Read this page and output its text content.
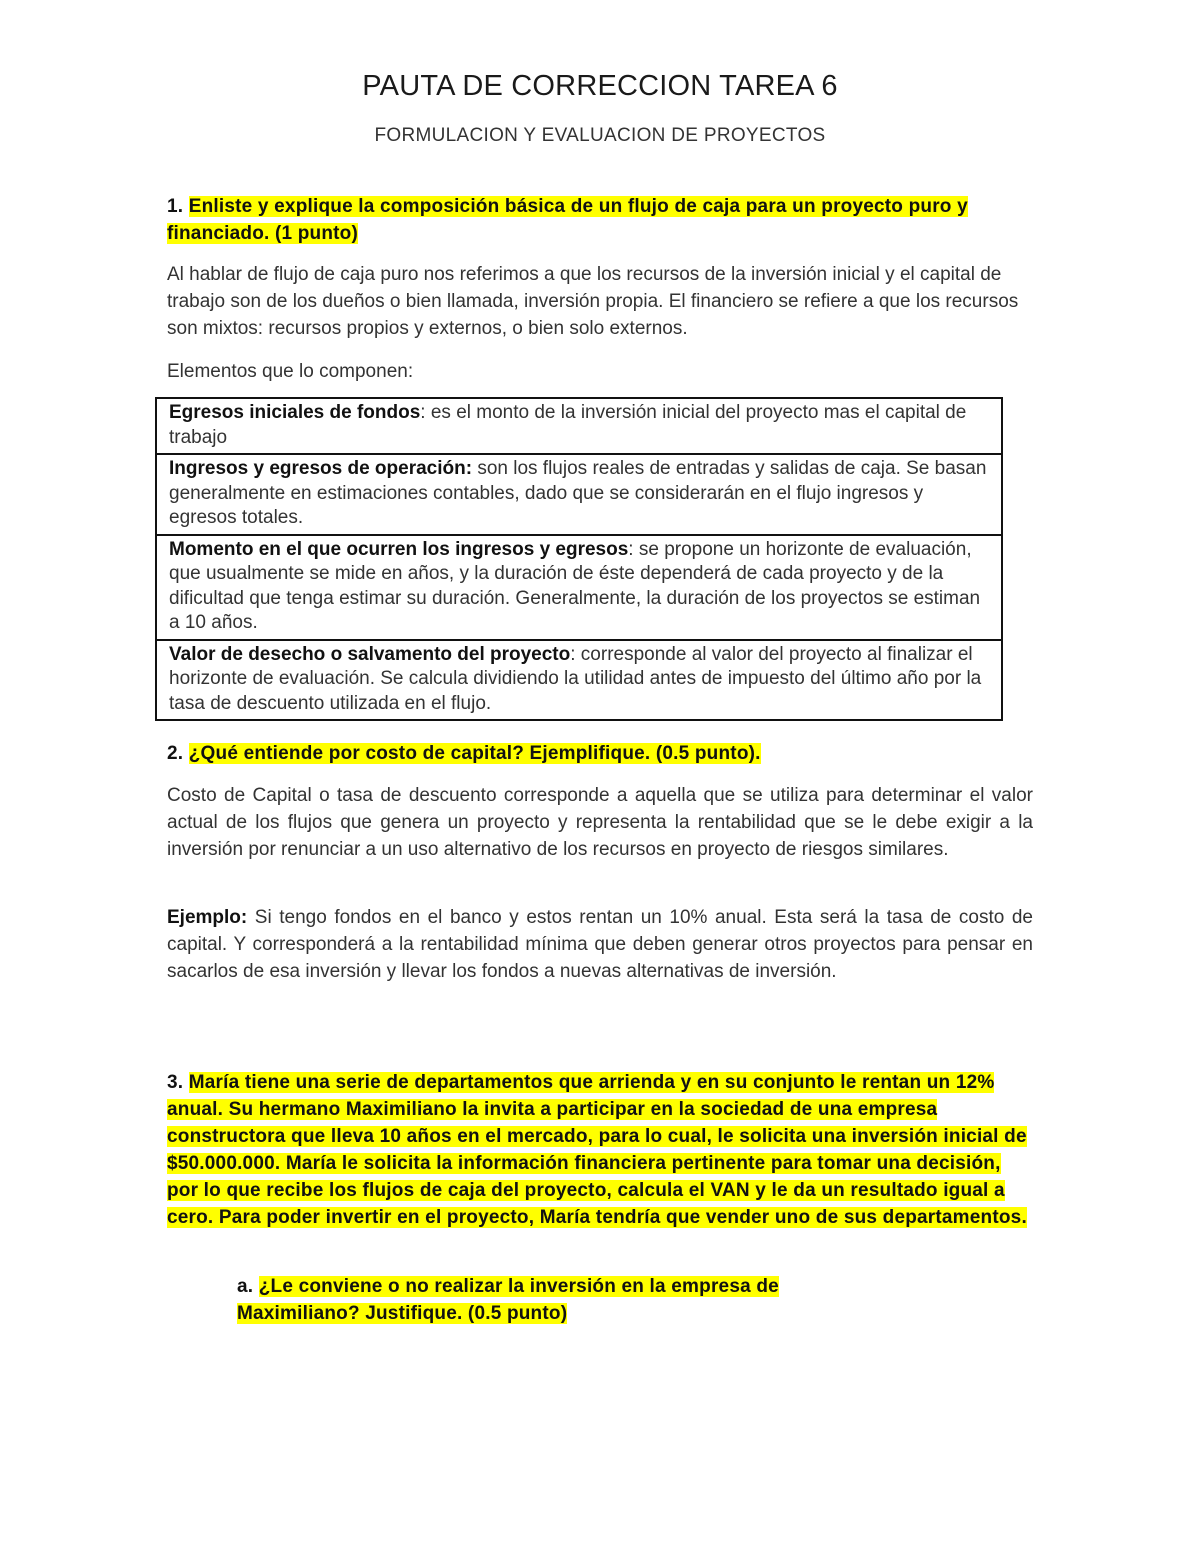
PAUTA DE CORRECCION TAREA 6
FORMULACION Y EVALUACION DE PROYECTOS
1. Enliste y explique la composición básica de un flujo de caja para un proyecto puro y financiado. (1 punto)
Al hablar de flujo de caja puro nos referimos a que los recursos de la inversión inicial y el capital de trabajo son de los dueños o bien llamada, inversión propia. El financiero se refiere a que los recursos son mixtos: recursos propios y externos, o bien solo externos.
Elementos que lo componen:
Egresos iniciales de fondos: es el monto de la inversión inicial del proyecto mas el capital de trabajo
Ingresos y egresos de operación: son los flujos reales de entradas y salidas de caja. Se basan generalmente en estimaciones contables, dado que se considerarán en el flujo ingresos y egresos totales.
Momento en el que ocurren los ingresos y egresos: se propone un horizonte de evaluación, que usualmente se mide en años, y la duración de éste dependerá de cada proyecto y de la dificultad que tenga estimar su duración. Generalmente, la duración de los proyectos se estiman a 10 años.
Valor de desecho o salvamento del proyecto: corresponde al valor del proyecto al finalizar el horizonte de evaluación. Se calcula dividiendo la utilidad antes de impuesto del último año por la tasa de descuento utilizada en el flujo.
2. ¿Qué entiende por costo de capital? Ejemplifique. (0.5 punto).
Costo de Capital o tasa de descuento corresponde a aquella que se utiliza para determinar el valor actual de los flujos que genera un proyecto y representa la rentabilidad que se le debe exigir a la inversión por renunciar a un uso alternativo de los recursos en proyecto de riesgos similares.
Ejemplo: Si tengo fondos en el banco y estos rentan un 10% anual. Esta será la tasa de costo de capital. Y corresponderá a la rentabilidad mínima que deben generar otros proyectos para pensar en sacarlos de esa inversión y llevar los fondos a nuevas alternativas de inversión.
3. María tiene una serie de departamentos que arrienda y en su conjunto le rentan un 12% anual. Su hermano Maximiliano la invita a participar en la sociedad de una empresa constructora que lleva 10 años en el mercado, para lo cual, le solicita una inversión inicial de $50.000.000. María le solicita la información financiera pertinente para tomar una decisión, por lo que recibe los flujos de caja del proyecto, calcula el VAN y le da un resultado igual a cero. Para poder invertir en el proyecto, María tendría que vender uno de sus departamentos.
a. ¿Le conviene o no realizar la inversión en la empresa de Maximiliano? Justifique. (0.5 punto)
